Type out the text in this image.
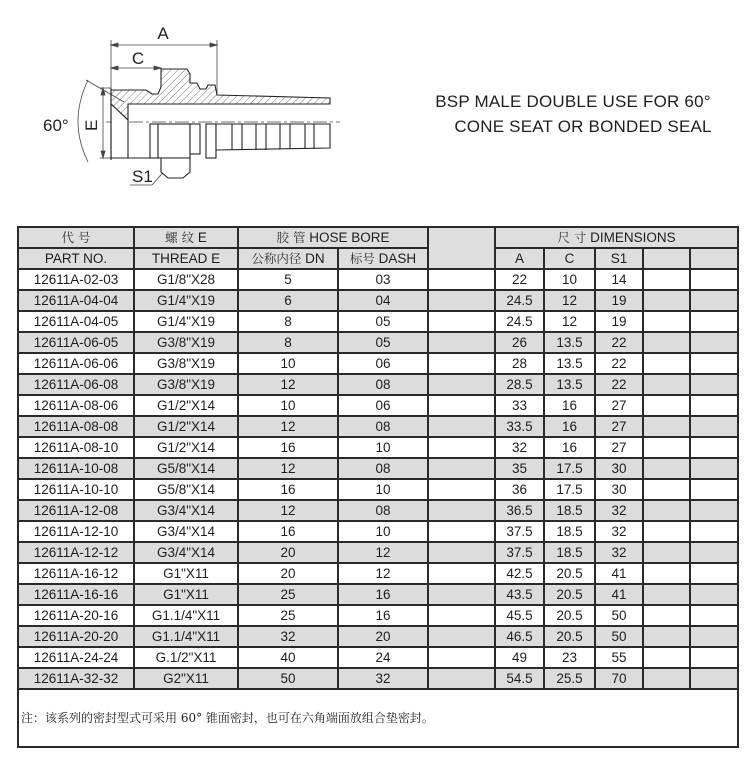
A
C
E
S1
60°
BSP MALE DOUBLE USE FOR 60°
CONE SEAT OR BONDED SEAL
代 号	螺 纹 E	胶 管 HOSE BORE			尺 寸 DIMENSIONS				
PART NO.	THREAD E	公称内径 DN	标号 DASH		A	C	S1		
12611A-02-03	G1/8"X28	5	03		22	10	14		
12611A-04-04	G1/4"X19	6	04		24.5	12	19		
12611A-04-05	G1/4"X19	8	05		24.5	12	19		
12611A-06-05	G3/8"X19	8	05		26	13.5	22		
12611A-06-06	G3/8"X19	10	06		28	13.5	22		
12611A-06-08	G3/8"X19	12	08		28.5	13.5	22		
12611A-08-06	G1/2"X14	10	06		33	16	27		
12611A-08-08	G1/2"X14	12	08		33.5	16	27		
12611A-08-10	G1/2"X14	16	10		32	16	27		
12611A-10-08	G5/8"X14	12	08		35	17.5	30		
12611A-10-10	G5/8"X14	16	10		36	17.5	30		
12611A-12-08	G3/4"X14	12	08		36.5	18.5	32		
12611A-12-10	G3/4"X14	16	10		37.5	18.5	32		
12611A-12-12	G3/4"X14	20	12		37.5	18.5	32		
12611A-16-12	G1"X11	20	12		42.5	20.5	41		
12611A-16-16	G1"X11	25	16		43.5	20.5	41		
12611A-20-16	G1.1/4"X11	25	16		45.5	20.5	50		
12611A-20-20	G1.1/4"X11	32	20		46.5	20.5	50		
12611A-24-24	G.1/2"X11	40	24		49	23	55		
12611A-32-32	G2"X11	50	32		54.5	25.5	70		
注：该系列的密封型式可采用 60° 锥面密封，也可在六角端面放组合垫密封。									
